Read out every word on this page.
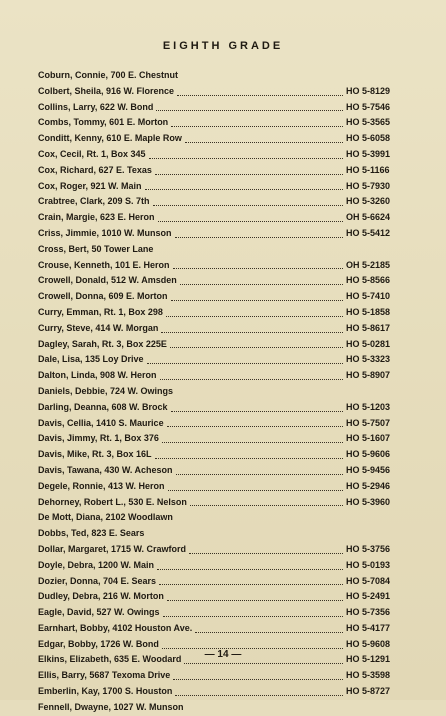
EIGHTH GRADE
Coburn, Connie, 700 E. Chestnut
Colbert, Sheila, 916 W. Florence	HO 5-8129
Collins, Larry, 622 W. Bond	HO 5-7546
Combs, Tommy, 601 E. Morton	HO 5-3565
Conditt, Kenny, 610 E. Maple Row	HO 5-6058
Cox, Cecil, Rt. 1, Box 345	HO 5-3991
Cox, Richard, 627 E. Texas	HO 5-1166
Cox, Roger, 921 W. Main	HO 5-7930
Crabtree, Clark, 209 S. 7th	HO 5-3260
Crain, Margie, 623 E. Heron	OH 5-6624
Criss, Jimmie, 1010 W. Munson	HO 5-5412
Cross, Bert, 50 Tower Lane
Crouse, Kenneth, 101 E. Heron	OH 5-2185
Crowell, Donald, 512 W. Amsden	HO 5-8566
Crowell, Donna, 609 E. Morton	HO 5-7410
Curry, Emman, Rt. 1, Box 298	HO 5-1858
Curry, Steve, 414 W. Morgan	HO 5-8617
Dagley, Sarah, Rt. 3, Box 225E	HO 5-0281
Dale, Lisa, 135 Loy Drive	HO 5-3323
Dalton, Linda, 908 W. Heron	HO 5-8907
Daniels, Debbie, 724 W. Owings
Darling, Deanna, 608 W. Brock	HO 5-1203
Davis, Cellia, 1410 S. Maurice	HO 5-7507
Davis, Jimmy, Rt. 1, Box 376	HO 5-1607
Davis, Mike, Rt. 3, Box 16L	HO 5-9606
Davis, Tawana, 430 W. Acheson	HO 5-9456
Degele, Ronnie, 413 W. Heron	HO 5-2946
Dehorney, Robert L., 530 E. Nelson	HO 5-3960
De Mott, Diana, 2102 Woodlawn
Dobbs, Ted, 823 E. Sears
Dollar, Margaret, 1715 W. Crawford	HO 5-3756
Doyle, Debra, 1200 W. Main	HO 5-0193
Dozier, Donna, 704 E. Sears	HO 5-7084
Dudley, Debra, 216 W. Morton	HO 5-2491
Eagle, David, 527 W. Owings	HO 5-7356
Earnhart, Bobby, 4102 Houston Ave.	HO 5-4177
Edgar, Bobby, 1726 W. Bond	HO 5-9608
Elkins, Elizabeth, 635 E. Woodard	HO 5-1291
Ellis, Barry, 5687 Texoma Drive	HO 5-3598
Emberlin, Kay, 1700 S. Houston	HO 5-8727
Fennell, Dwayne, 1027 W. Munson
— 14 —
